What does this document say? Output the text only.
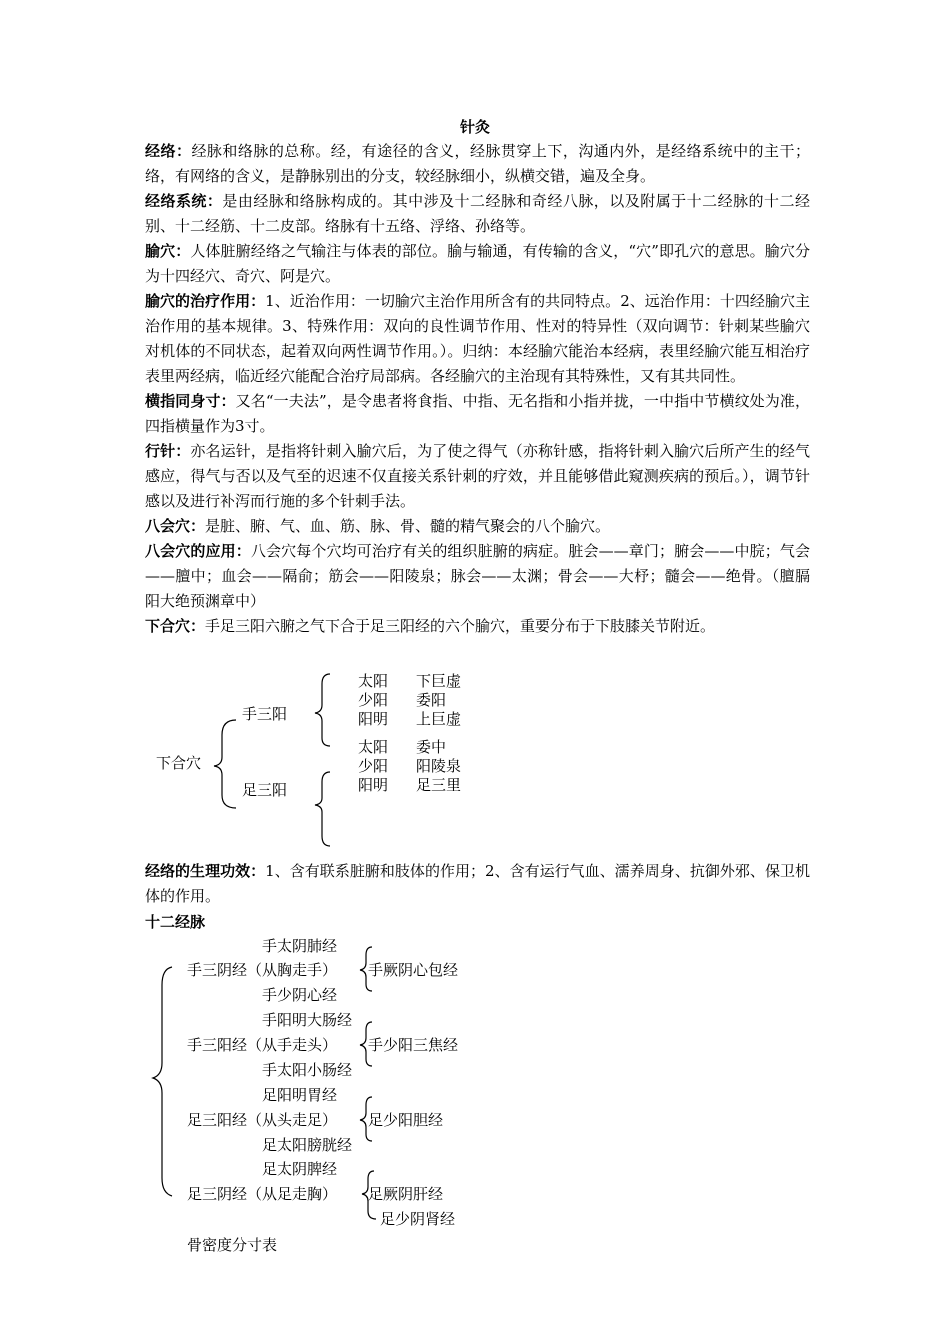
针灸

经络：经脉和络脉的总称。经，有途径的含义，经脉贯穿上下，沟通内外，是经络系统中的主干；络，有网络的含义，是静脉别出的分支，较经脉细小，纵横交错，遍及全身。

经络系统：是由经脉和络脉构成的。其中涉及十二经脉和奇经八脉，以及附属于十二经脉的十二经别、十二经筋、十二皮部。络脉有十五络、浮络、孙络等。

腧穴：人体脏腑经络之气输注与体表的部位。腧与输通，有传输的含义，“穴”即孔穴的意思。腧穴分为十四经穴、奇穴、阿是穴。

腧穴的治疗作用：1、近治作用：一切腧穴主治作用所含有的共同特点。2、远治作用：十四经腧穴主治作用的基本规律。3、特殊作用：双向的良性调节作用、性对的特异性（双向调节：针刺某些腧穴对机体的不同状态，起着双向两性调节作用。）。归纳：本经腧穴能治本经病，表里经腧穴能互相治疗表里两经病，临近经穴能配合治疗局部病。各经腧穴的主治现有其特殊性，又有其共同性。

横指同身寸：又名“一夫法”，是令患者将食指、中指、无名指和小指并拢，一中指中节横纹处为准，四指横量作为3寸。

行针：亦名运针，是指将针刺入腧穴后，为了使之得气（亦称针感，指将针刺入腧穴后所产生的经气感应，得气与否以及气至的迟速不仅直接关系针刺的疗效，并且能够借此窥测疾病的预后。），调节针感以及进行补泻而行施的多个针刺手法。

八会穴：是脏、腑、气、血、筋、脉、骨、髓的精气聚会的八个腧穴。

八会穴的应用：八会穴每个穴均可治疗有关的组织脏腑的病症。脏会——章门；腑会——中脘；气会——膻中；血会——隔俞；筋会——阳陵泉；脉会——太渊；骨会——大杼；髓会——绝骨。（膻膈阳大绝预渊章中）

下合穴：手足三阳六腑之气下合于足三阳经的六个腧穴，重要分布于下肢膝关节附近。

下合穴
手三阳
足三阳
太阳 下巨虚
少阳 委阳
阳明 上巨虚
太阳 委中
少阳 阳陵泉
阳明 足三里

经络的生理功效：1、含有联系脏腑和肢体的作用；2、含有运行气血、濡养周身、抗御外邪、保卫机体的作用。

十二经脉
手太阴肺经
手三阴经（从胸走手） 手厥阴心包经
手少阴心经
手阳明大肠经
手三阳经（从手走头） 手少阳三焦经
手太阳小肠经
足阳明胃经
足三阳经（从头走足） 足少阳胆经
足太阳膀胱经
足太阴脾经
足三阴经（从足走胸） 足厥阴肝经
足少阴肾经
骨密度分寸表
